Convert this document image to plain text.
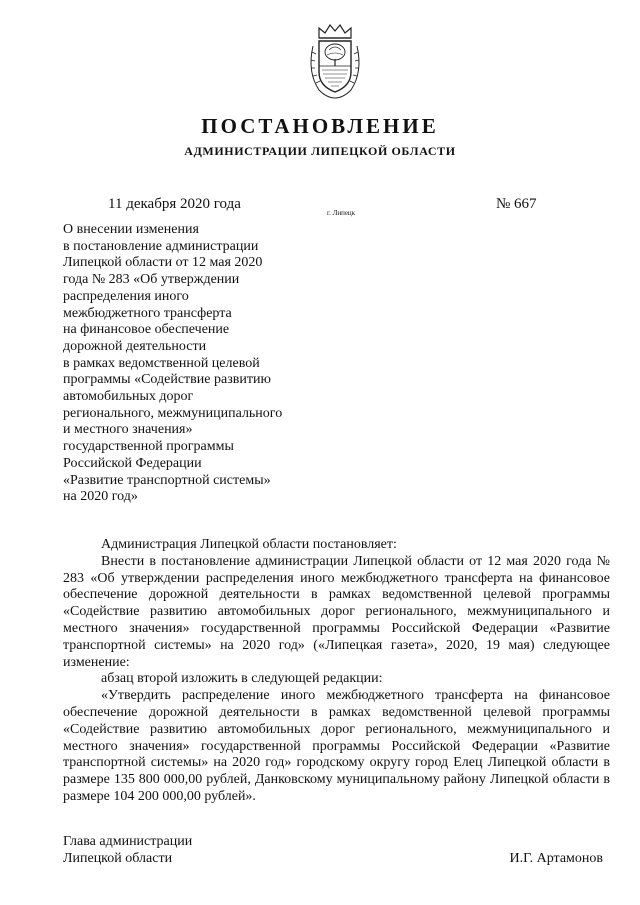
ПОСТАНОВЛЕНИЕ
АДМИНИСТРАЦИИ ЛИПЕЦКОЙ ОБЛАСТИ
11 декабря 2020 года
г. Липецк
№ 667
О внесении изменения
в постановление администрации
Липецкой области от 12 мая 2020
года № 283 «Об утверждении
распределения иного
межбюджетного трансферта
на финансовое обеспечение
дорожной деятельности
в рамках ведомственной целевой
программы «Содействие развитию
автомобильных дорог
регионального, межмуниципального
и местного значения»
государственной программы
Российской Федерации
«Развитие транспортной системы»
на 2020 год»

Администрация Липецкой области постановляет:

Внести в постановление администрации Липецкой области от 12 мая 2020 года № 283 «Об утверждении распределения иного межбюджетного трансферта на финансовое обеспечение дорожной деятельности в рамках ведомственной целевой программы «Содействие развитию автомобильных дорог регионального, межмуниципального и местного значения» государственной программы Российской Федерации «Развитие транспортной системы» на 2020 год» («Липецкая газета», 2020, 19 мая) следующее изменение:

абзац второй изложить в следующей редакции:

«Утвердить распределение иного межбюджетного трансферта на финансовое обеспечение дорожной деятельности в рамках ведомственной целевой программы «Содействие развитию автомобильных дорог регионального, межмуниципального и местного значения» государственной программы Российской Федерации «Развитие транспортной системы» на 2020 год» городскому округу город Елец Липецкой области в размере 135 800 000,00 рублей, Данковскому муниципальному району Липецкой области в размере 104 200 000,00 рублей».

Глава администрации
Липецкой области	И.Г. Артамонов
